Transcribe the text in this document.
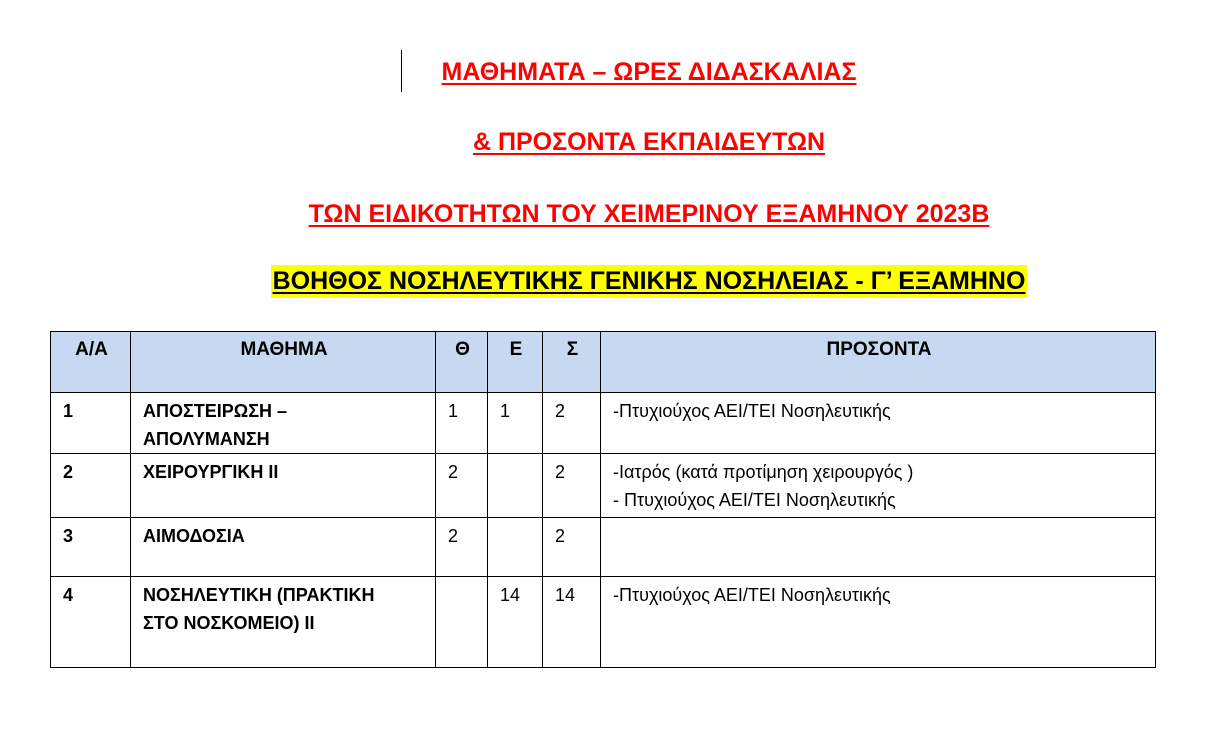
ΜΑΘΗΜΑΤΑ – ΩΡΕΣ ΔΙΔΑΣΚΑΛΙΑΣ

& ΠΡΟΣΟΝΤΑ ΕΚΠΑΙΔΕΥΤΩΝ

ΤΩΝ ΕΙΔΙΚΟΤΗΤΩΝ ΤΟΥ ΧΕΙΜΕΡΙΝΟΥ ΕΞΑΜΗΝΟΥ 2023Β

ΒΟΗΘΟΣ ΝΟΣΗΛΕΥΤΙΚΗΣ ΓΕΝΙΚΗΣ ΝΟΣΗΛΕΙΑΣ - Γ’ ΕΞΑΜΗΝΟ

Α/Α	ΜΑΘΗΜΑ	Θ	Ε	Σ	ΠΡΟΣΟΝΤΑ
1	ΑΠΟΣΤΕΙΡΩΣΗ –
ΑΠΟΛΥΜΑΝΣΗ	1	1	2	-Πτυχιούχος ΑΕΙ/ΤΕΙ Νοσηλευτικής

2	ΧΕΙΡΟΥΡΓΙΚΗ ΙΙ	2		2	-Ιατρός (κατά προτίμηση χειρουργός )
- Πτυχιούχος ΑΕΙ/ΤΕΙ Νοσηλευτικής

3	ΑΙΜΟΔΟΣΙΑ	2		2	

4	ΝΟΣΗΛΕΥΤΙΚΗ (ΠΡΑΚΤΙΚΗ
ΣΤΟ ΝΟΣΚΟΜΕΙΟ) ΙΙ		14	14	-Πτυχιούχος ΑΕΙ/ΤΕΙ Νοσηλευτικής
